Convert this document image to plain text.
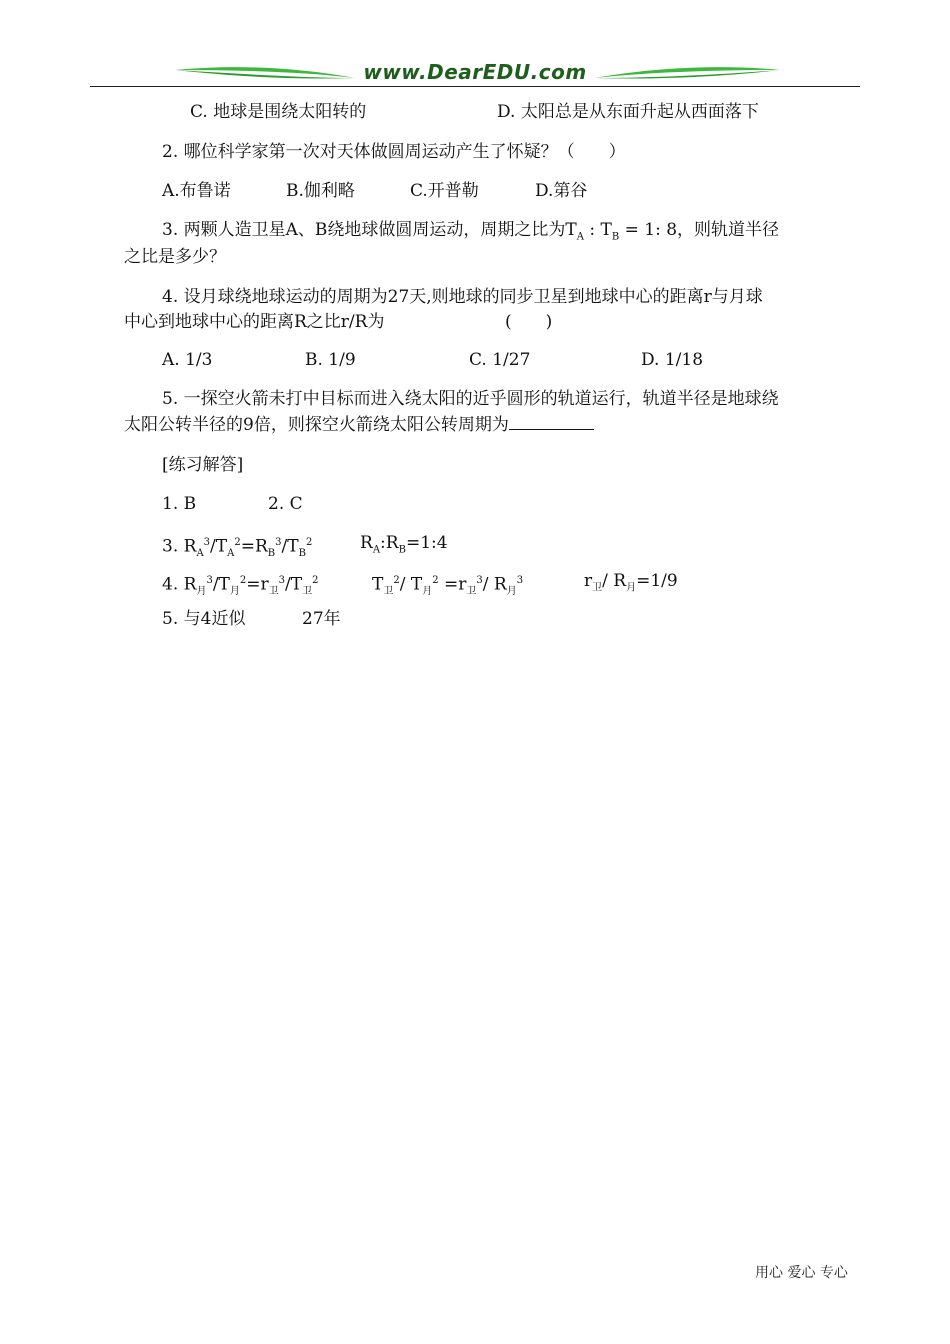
www.DearEDU.com
C. 地球是围绕太阳转的	D. 太阳总是从东面升起从西面落下
2. 哪位科学家第一次对天体做圆周运动产生了怀疑？（　　）
A.布鲁诺	B.伽利略	C.开普勒	D.第谷
3. 两颗人造卫星A、B绕地球做圆周运动，周期之比为$T_A$ : $T_B = 1$: 8，则轨道半径
之比是多少？
4. 设月球绕地球运动的周期为27天,则地球的同步卫星到地球中心的距离r与月球
中心到地球中心的距离R之比r/R为	(　　)
A. 1/3	B. 1/9	C. 1/27	D. 1/18
5. 一探空火箭未打中目标而进入绕太阳的近乎圆形的轨道运行，轨道半径是地球绕
太阳公转半径的9倍，则探空火箭绕太阳公转周期为
[练习解答]
1. B	2. C
3. $R_A^3/T_A^2=R_B^3/T_B^2$	$R_A:R_B=1:4$
4. $R_月^3/T_月^2=r_卫^3/T_卫^2$	$T_卫^2/$ $T_月^2 =r_卫^3/$ $R_月^3$	$r_卫/$ $R_月=1/9$
5. 与4近似	27年
用心 爱心 专心
